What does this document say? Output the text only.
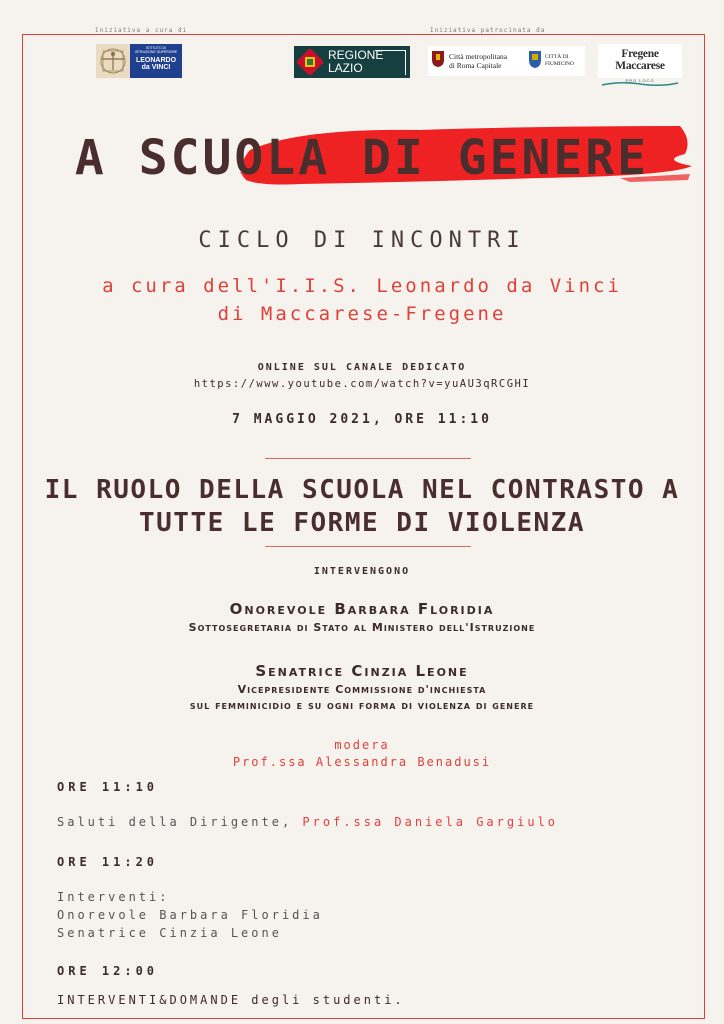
Iniziativa a cura di	Iniziativa patrocinata da
ISTITUTO DI
ISTRUZIONE SUPERIORE
LEONARDO
da VINCI
REGIONE
LAZIO
Città metropolitana
di Roma Capitale
CITTÀ DI
FIUMICINO
Fregene Maccarese
PRO LOCO
A SCUOLA DI GENERE
CICLO DI INCONTRI
a cura dell'I.I.S. Leonardo da Vinci
di Maccarese-Fregene
ONLINE SUL CANALE DEDICATO
https://www.youtube.com/watch?v=yuAU3qRCGHI
7 MAGGIO 2021, ORE 11:10
IL RUOLO DELLA SCUOLA NEL CONTRASTO A
TUTTE LE FORME DI VIOLENZA
INTERVENGONO
Onorevole Barbara Floridia
Sottosegretaria di Stato al Ministero dell'Istruzione
Senatrice Cinzia Leone
Vicepresidente Commissione d'inchiesta
sul femminicidio e su ogni forma di violenza di genere
modera
Prof.ssa Alessandra Benadusi
ORE 11:10
Saluti della Dirigente, Prof.ssa Daniela Gargiulo
ORE 11:20
Interventi:
Onorevole Barbara Floridia
Senatrice Cinzia Leone
ORE 12:00
INTERVENTI&DOMANDE degli studenti.
